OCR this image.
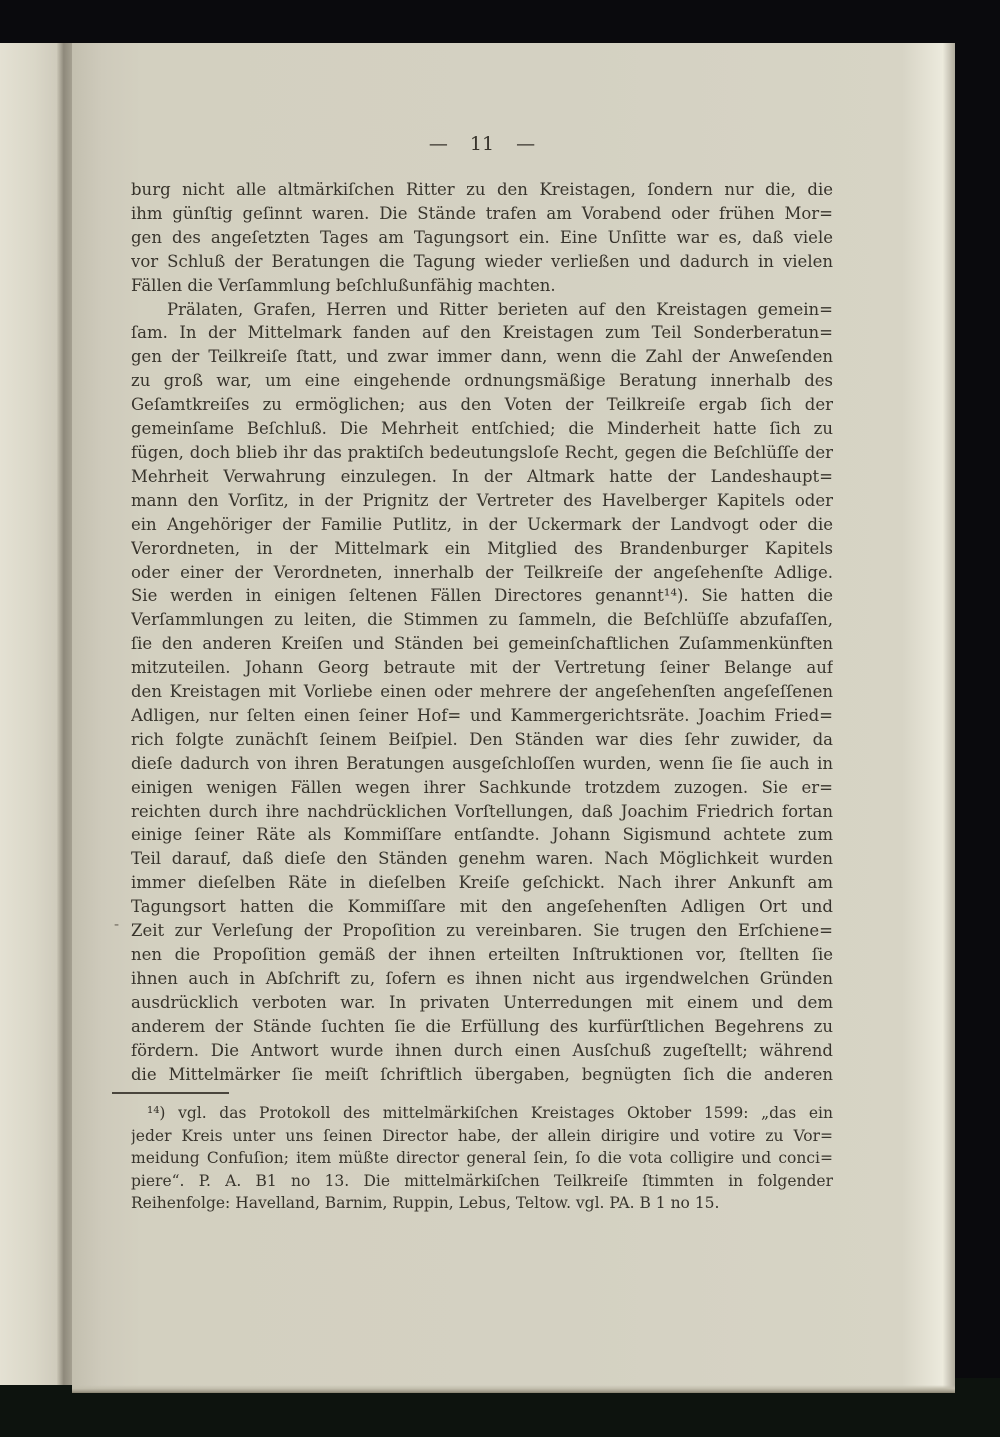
— 11 —
burg nicht alle altmärkiſchen Ritter zu den Kreistagen, ſondern nur die, die
ihm günſtig geſinnt waren. Die Stände trafen am Vorabend oder frühen Mor=
gen des angeſetzten Tages am Tagungsort ein. Eine Unſitte war es, daß viele
vor Schluß der Beratungen die Tagung wieder verließen und dadurch in vielen
Fällen die Verſammlung beſchlußunfähig machten.
Prälaten, Grafen, Herren und Ritter berieten auf den Kreistagen gemein=
ſam. In der Mittelmark fanden auf den Kreistagen zum Teil Sonderberatun=
gen der Teilkreiſe ſtatt, und zwar immer dann, wenn die Zahl der Anweſenden
zu groß war, um eine eingehende ordnungsmäßige Beratung innerhalb des
Geſamtkreiſes zu ermöglichen; aus den Voten der Teilkreiſe ergab ſich der
gemeinſame Beſchluß. Die Mehrheit entſchied; die Minderheit hatte ſich zu
fügen, doch blieb ihr das praktiſch bedeutungsloſe Recht, gegen die Beſchlüſſe der
Mehrheit Verwahrung einzulegen. In der Altmark hatte der Landeshaupt=
mann den Vorſitz, in der Prignitz der Vertreter des Havelberger Kapitels oder
ein Angehöriger der Familie Putlitz, in der Uckermark der Landvogt oder die
Verordneten, in der Mittelmark ein Mitglied des Brandenburger Kapitels
oder einer der Verordneten, innerhalb der Teilkreiſe der angeſehenſte Adlige.
Sie werden in einigen ſeltenen Fällen Directores genannt¹⁴). Sie hatten die
Verſammlungen zu leiten, die Stimmen zu ſammeln, die Beſchlüſſe abzufaſſen,
ſie den anderen Kreiſen und Ständen bei gemeinſchaftlichen Zuſammenkünften
mitzuteilen. Johann Georg betraute mit der Vertretung ſeiner Belange auf
den Kreistagen mit Vorliebe einen oder mehrere der angeſehenſten angeſeſſenen
Adligen, nur ſelten einen ſeiner Hof= und Kammergerichtsräte. Joachim Fried=
rich folgte zunächſt ſeinem Beiſpiel. Den Ständen war dies ſehr zuwider, da
dieſe dadurch von ihren Beratungen ausgeſchloſſen wurden, wenn ſie ſie auch in
einigen wenigen Fällen wegen ihrer Sachkunde trotzdem zuzogen. Sie er=
reichten durch ihre nachdrücklichen Vorſtellungen, daß Joachim Friedrich fortan
einige ſeiner Räte als Kommiſſare entſandte. Johann Sigismund achtete zum
Teil darauf, daß dieſe den Ständen genehm waren. Nach Möglichkeit wurden
immer dieſelben Räte in dieſelben Kreiſe geſchickt. Nach ihrer Ankunft am
Tagungsort hatten die Kommiſſare mit den angeſehenſten Adligen Ort und
Zeit zur Verleſung der Propoſition zu vereinbaren. Sie trugen den Erſchiene=
nen die Propoſition gemäß der ihnen erteilten Inſtruktionen vor, ſtellten ſie
ihnen auch in Abſchrift zu, ſofern es ihnen nicht aus irgendwelchen Gründen
ausdrücklich verboten war. In privaten Unterredungen mit einem und dem
anderem der Stände ſuchten ſie die Erfüllung des kurfürſtlichen Begehrens zu
fördern. Die Antwort wurde ihnen durch einen Ausſchuß zugeſtellt; während
die Mittelmärker ſie meiſt ſchriftlich übergaben, begnügten ſich die anderen
-
¹⁴) vgl. das Protokoll des mittelmärkiſchen Kreistages Oktober 1599: „das ein
jeder Kreis unter uns ſeinen Director habe, der allein dirigire und votire zu Vor=
meidung Confuſion; item müßte director general ſein, ſo die vota colligire und conci=
piere“. P. A. B1 no 13. Die mittelmärkiſchen Teilkreiſe ſtimmten in folgender
Reihenfolge: Havelland, Barnim, Ruppin, Lebus, Teltow. vgl. PA. B 1 no 15.
